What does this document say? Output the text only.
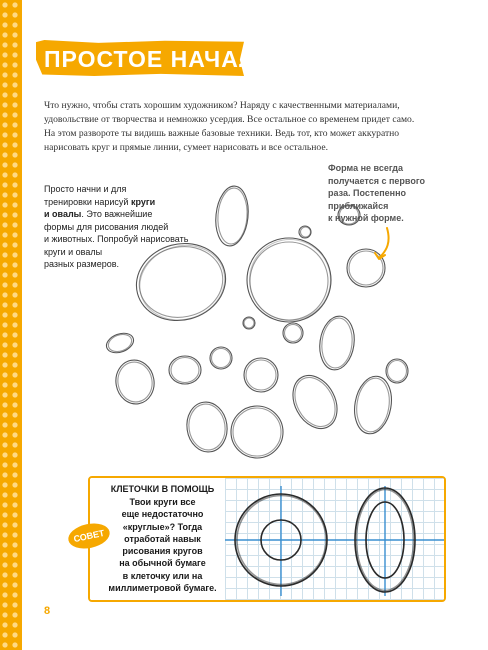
ПРОСТОЕ НАЧАЛО
Что нужно, чтобы стать хорошим художником? Наряду с качественными материалами,
удовольствие от творчества и немножко усердия. Все остальное со временем придет само.
На этом развороте ты видишь важные базовые техники. Ведь тот, кто может аккуратно
нарисовать круг и прямые линии, сумеет нарисовать и все остальное.
Просто начни и для
тренировки нарисуй круги
и овалы. Это важнейшие
формы для рисования людей
и животных. Попробуй нарисовать
круги и овалы
разных размеров.
Форма не всегда
получается с первого
раза. Постепенно
приближайся
к нужной форме.
КЛЕТОЧКИ В ПОМОЩЬ
Твои круги все
еще недостаточно
«круглые»? Тогда
отработай навык
рисования кругов
на обычной бумаге
в клеточку или на
миллиметровой бумаге.
СОВЕТ
8
